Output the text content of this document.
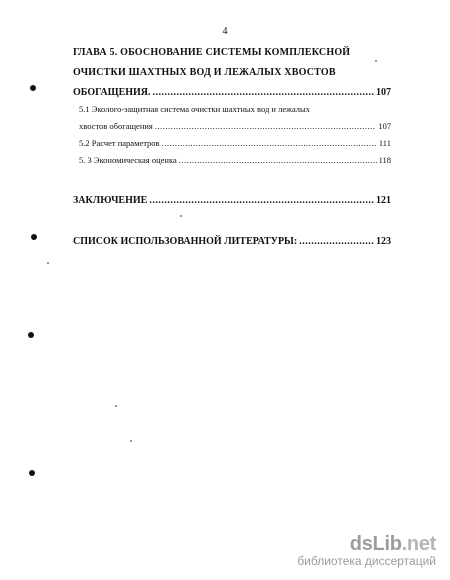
4
ГЛАВА 5. ОБОСНОВАНИЕ СИСТЕМЫ КОМПЛЕКСНОЙ
ОЧИСТКИ ШАХТНЫХ ВОД И ЛЕЖАЛЫХ ХВОСТОВ
ОБОГАЩЕНИЯ. .....	107
5.1 Эколого-защитная система очистки шахтных вод и лежалых
хвостов обогащения .....	107
5.2 Расчет параметров .....	111
5. 3 Экономическая оценка .....	118
ЗАКЛЮЧЕНИЕ .....	121
СПИСОК ИСПОЛЬЗОВАННОЙ ЛИТЕРАТУРЫ: .....	123
dsLib.net
библиотека диссертаций
